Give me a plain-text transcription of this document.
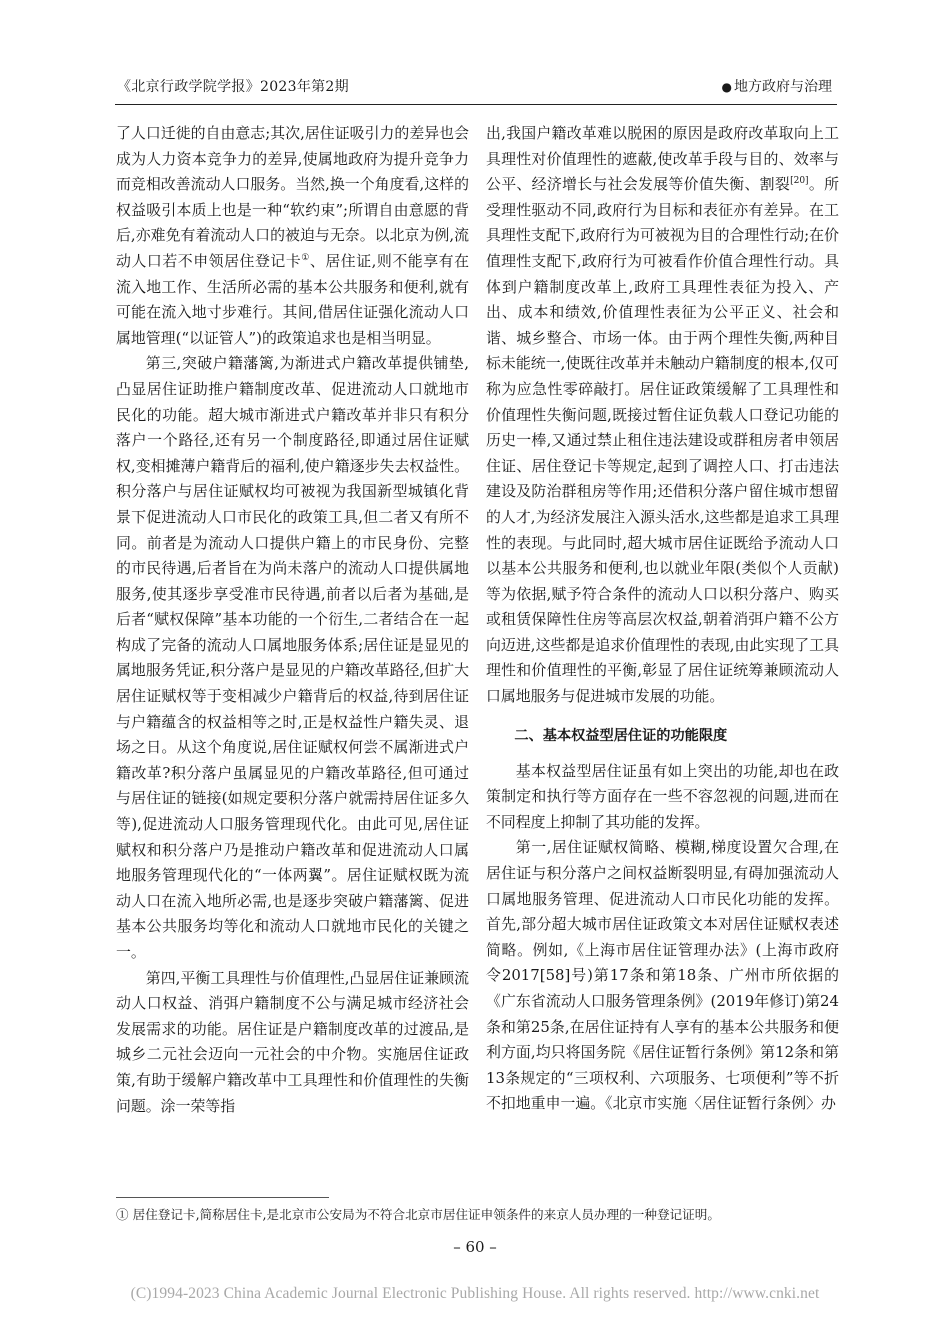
《北京行政学院学报》2023年第2期	● 地方政府与治理

了人口迁徙的自由意志;其次,居住证吸引力的差异也会成为人力资本竞争力的差异,使属地政府为提升竞争力而竞相改善流动人口服务。当然,换一个角度看,这样的权益吸引本质上也是一种“软约束”;所谓自由意愿的背后,亦难免有着流动人口的被迫与无奈。以北京为例,流动人口若不申领居住登记卡①、居住证,则不能享有在流入地工作、生活所必需的基本公共服务和便利,就有可能在流入地寸步难行。其间,借居住证强化流动人口属地管理(“以证管人”)的政策追求也是相当明显。

第三,突破户籍藩篱,为渐进式户籍改革提供铺垫,凸显居住证助推户籍制度改革、促进流动人口就地市民化的功能。超大城市渐进式户籍改革并非只有积分落户一个路径,还有另一个制度路径,即通过居住证赋权,变相摊薄户籍背后的福利,使户籍逐步失去权益性。积分落户与居住证赋权均可被视为我国新型城镇化背景下促进流动人口市民化的政策工具,但二者又有所不同。前者是为流动人口提供户籍上的市民身份、完整的市民待遇,后者旨在为尚未落户的流动人口提供属地服务,使其逐步享受准市民待遇,前者以后者为基础,是后者“赋权保障”基本功能的一个衍生,二者结合在一起构成了完备的流动人口属地服务体系;居住证是显见的属地服务凭证,积分落户是显见的户籍改革路径,但扩大居住证赋权等于变相减少户籍背后的权益,待到居住证与户籍蕴含的权益相等之时,正是权益性户籍失灵、退场之日。从这个角度说,居住证赋权何尝不属渐进式户籍改革?积分落户虽属显见的户籍改革路径,但可通过与居住证的链接(如规定要积分落户就需持居住证多久等),促进流动人口服务管理现代化。由此可见,居住证赋权和积分落户乃是推动户籍改革和促进流动人口属地服务管理现代化的“一体两翼”。居住证赋权既为流动人口在流入地所必需,也是逐步突破户籍藩篱、促进基本公共服务均等化和流动人口就地市民化的关键之一。

第四,平衡工具理性与价值理性,凸显居住证兼顾流动人口权益、消弭户籍制度不公与满足城市经济社会发展需求的功能。居住证是户籍制度改革的过渡品,是城乡二元社会迈向一元社会的中介物。实施居住证政策,有助于缓解户籍改革中工具理性和价值理性的失衡问题。涂一荣等指

出,我国户籍改革难以脱困的原因是政府改革取向上工具理性对价值理性的遮蔽,使改革手段与目的、效率与公平、经济增长与社会发展等价值失衡、割裂[20]。所受理性驱动不同,政府行为目标和表征亦有差异。在工具理性支配下,政府行为可被视为目的合理性行动;在价值理性支配下,政府行为可被看作价值合理性行动。具体到户籍制度改革上,政府工具理性表征为投入、产出、成本和绩效,价值理性表征为公平正义、社会和谐、城乡整合、市场一体。由于两个理性失衡,两种目标未能统一,使既往改革并未触动户籍制度的根本,仅可称为应急性零碎敲打。居住证政策缓解了工具理性和价值理性失衡问题,既接过暂住证负载人口登记功能的历史一棒,又通过禁止租住违法建设或群租房者申领居住证、居住登记卡等规定,起到了调控人口、打击违法建设及防治群租房等作用;还借积分落户留住城市想留的人才,为经济发展注入源头活水,这些都是追求工具理性的表现。与此同时,超大城市居住证既给予流动人口以基本公共服务和便利,也以就业年限(类似个人贡献)等为依据,赋予符合条件的流动人口以积分落户、购买或租赁保障性住房等高层次权益,朝着消弭户籍不公方向迈进,这些都是追求价值理性的表现,由此实现了工具理性和价值理性的平衡,彰显了居住证统筹兼顾流动人口属地服务与促进城市发展的功能。

二、基本权益型居住证的功能限度

基本权益型居住证虽有如上突出的功能,却也在政策制定和执行等方面存在一些不容忽视的问题,进而在不同程度上抑制了其功能的发挥。

第一,居住证赋权简略、模糊,梯度设置欠合理,在居住证与积分落户之间权益断裂明显,有碍加强流动人口属地服务管理、促进流动人口市民化功能的发挥。首先,部分超大城市居住证政策文本对居住证赋权表述简略。例如,《上海市居住证管理办法》(上海市政府令2017[58]号)第17条和第18条、广州市所依据的《广东省流动人口服务管理条例》(2019年修订)第24条和第25条,在居住证持有人享有的基本公共服务和便利方面,均只将国务院《居住证暂行条例》第12条和第13条规定的“三项权利、六项服务、七项便利”等不折不扣地重申一遍。《北京市实施〈居住证暂行条例〉办

① 居住登记卡,简称居住卡,是北京市公安局为不符合北京市居住证申领条件的来京人员办理的一种登记证明。
– 60 –
(C)1994-2023 China Academic Journal Electronic Publishing House. All rights reserved. http://www.cnki.net
